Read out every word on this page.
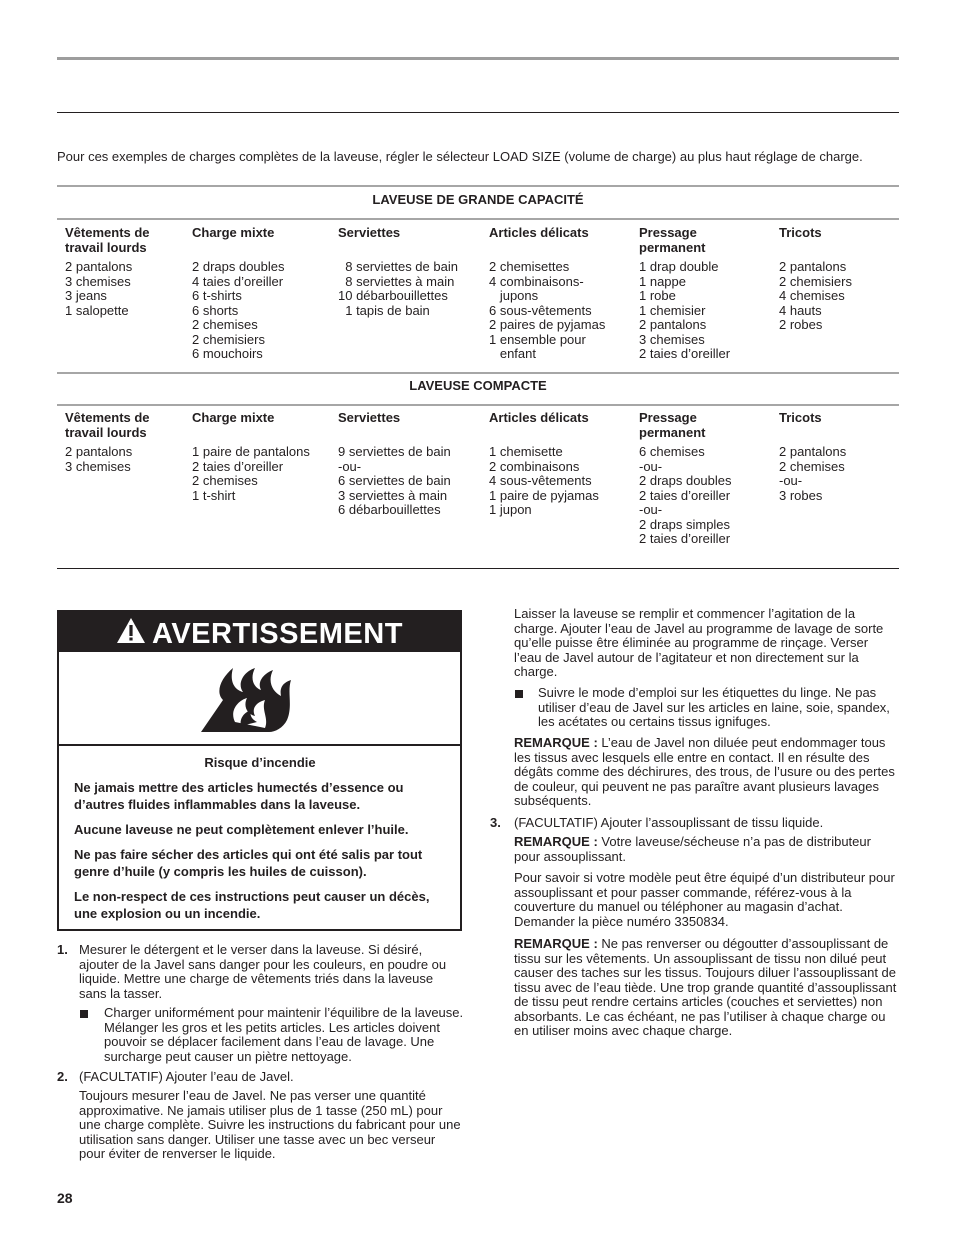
Pour ces exemples de charges complètes de la laveuse, régler le sélecteur LOAD SIZE (volume de charge) au plus haut réglage de charge.
LAVEUSE DE GRANDE CAPACITÉ
Vêtements de
travail lourds
2 pantalons
3 chemises
3 jeans
1 salopette
Charge mixte
2 draps doubles
4 taies d’oreiller
6 t-shirts
6 shorts
2 chemises
2 chemisiers
6 mouchoirs
Serviettes
8 serviettes de bain
8 serviettes à main
10 débarbouillettes
1 tapis de bain
Articles délicats
2 chemisettes
4 combinaisons-
jupons
6 sous-vêtements
2 paires de pyjamas
1 ensemble pour
enfant
Pressage
permanent
1 drap double
1 nappe
1 robe
1 chemisier
2 pantalons
3 chemises
2 taies d’oreiller
Tricots
2 pantalons
2 chemisiers
4 chemises
4 hauts
2 robes
LAVEUSE COMPACTE
Vêtements de
travail lourds
2 pantalons
3 chemises
Charge mixte
1 paire de pantalons
2 taies d’oreiller
2 chemises
1 t-shirt
Serviettes
9 serviettes de bain
-ou-
6 serviettes de bain
3 serviettes à main
6 débarbouillettes
Articles délicats
1 chemisette
2 combinaisons
4 sous-vêtements
1 paire de pyjamas
1 jupon
Pressage
permanent
6 chemises
-ou-
2 draps doubles
2 taies d’oreiller
-ou-
2 draps simples
2 taies d’oreiller
Tricots
2 pantalons
2 chemises
-ou-
3 robes
AVERTISSEMENT

Risque d’incendie

Ne jamais mettre des articles humectés d’essence ou d’autres fluides inflammables dans la laveuse.

Aucune laveuse ne peut complètement enlever l’huile.

Ne pas faire sécher des articles qui ont été salis par tout genre d’huile (y compris les huiles de cuisson).

Le non-respect de ces instructions peut causer un décès, une explosion ou un incendie.

1. Mesurer le détergent et le verser dans la laveuse. Si désiré, ajouter de la Javel sans danger pour les couleurs, en poudre ou liquide. Mettre une charge de vêtements triés dans la laveuse sans la tasser.
Charger uniformément pour maintenir l’équilibre de la laveuse. Mélanger les gros et les petits articles. Les articles doivent pouvoir se déplacer facilement dans l’eau de lavage. Une surcharge peut causer un piètre nettoyage.
2. (FACULTATIF) Ajouter l’eau de Javel.
Toujours mesurer l’eau de Javel. Ne pas verser une quantité approximative. Ne jamais utiliser plus de 1 tasse (250 mL) pour une charge complète. Suivre les instructions du fabricant pour une utilisation sans danger. Utiliser une tasse avec un bec verseur pour éviter de renverser le liquide.
Laisser la laveuse se remplir et commencer l’agitation de la charge. Ajouter l’eau de Javel au programme de lavage de sorte qu’elle puisse être éliminée au programme de rinçage. Verser l’eau de Javel autour de l’agitateur et non directement sur la charge.
Suivre le mode d’emploi sur les étiquettes du linge. Ne pas utiliser d’eau de Javel sur les articles en laine, soie, spandex, les acétates ou certains tissus ignifuges.
REMARQUE : L’eau de Javel non diluée peut endommager tous les tissus avec lesquels elle entre en contact. Il en résulte des dégâts comme des déchirures, des trous, de l’usure ou des pertes de couleur, qui peuvent ne pas paraître avant plusieurs lavages subséquents.
3. (FACULTATIF) Ajouter l’assouplissant de tissu liquide.
REMARQUE : Votre laveuse/sécheuse n’a pas de distributeur pour assouplissant.
Pour savoir si votre modèle peut être équipé d’un distributeur pour assouplissant et pour passer commande, référez-vous à la couverture du manuel ou téléphoner au magasin d’achat. Demander la pièce numéro 3350834.
REMARQUE : Ne pas renverser ou dégoutter d’assouplissant de tissu sur les vêtements. Un assouplissant de tissu non dilué peut causer des taches sur les tissus. Toujours diluer l’assouplissant de tissu avec de l’eau tiède. Une trop grande quantité d’assouplissant de tissu peut rendre certains articles (couches et serviettes) non absorbants. Le cas échéant, ne pas l’utiliser à chaque charge ou en utiliser moins avec chaque charge.
28
